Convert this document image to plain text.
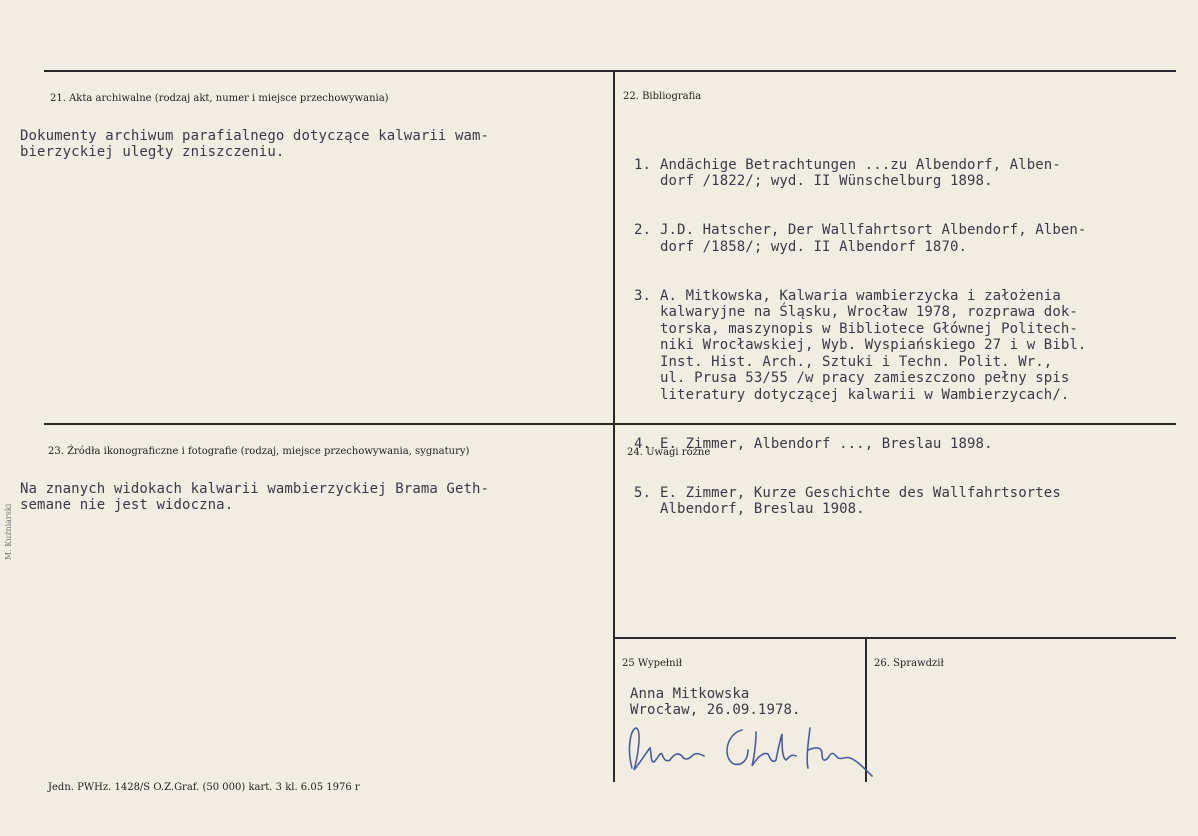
21. Akta archiwalne (rodzaj akt, numer i miejsce przechowywania)
Dokumenty archiwum parafialnego dotyczące kalwarii wam-
bierzyckiej uległy zniszczeniu.
22. Bibliografia

1. Andächige Betrachtungen ...zu Albendorf, Alben-
dorf /1822/; wyd. II Wünschelburg 1898.

2. J.D. Hatscher, Der Wallfahrtsort Albendorf, Alben-
dorf /1858/; wyd. II Albendorf 1870.

3. A. Mitkowska, Kalwaria wambierzycka i założenia
kalwaryjne na Śląsku, Wrocław 1978, rozprawa dok-
torska, maszynopis w Bibliotece Głównej Politech-
niki Wrocławskiej, Wyb. Wyspiańskiego 27 i w Bibl.
Inst. Hist. Arch., Sztuki i Techn. Polit. Wr.,
ul. Prusa 53/55 /w pracy zamieszczono pełny spis
literatury dotyczącej kalwarii w Wambierzycach/.

4. E. Zimmer, Albendorf ..., Breslau 1898.

5. E. Zimmer, Kurze Geschichte des Wallfahrtsortes
Albendorf, Breslau 1908.

23. Źródła ikonograficzne i fotografie (rodzaj, miejsce przechowywania, sygnatury)
Na znanych widokach kalwarii wambierzyckiej Brama Geth-
semane nie jest widoczna.
24. Uwagi różne
25 Wypełnił
Anna Mitkowska
Wrocław, 26.09.1978.
26. Sprawdził
Jedn. PWHz. 1428/S O.Z.Graf. (50 000) kart. 3 kl. 6.05 1976 r
M. Kuźniarski
